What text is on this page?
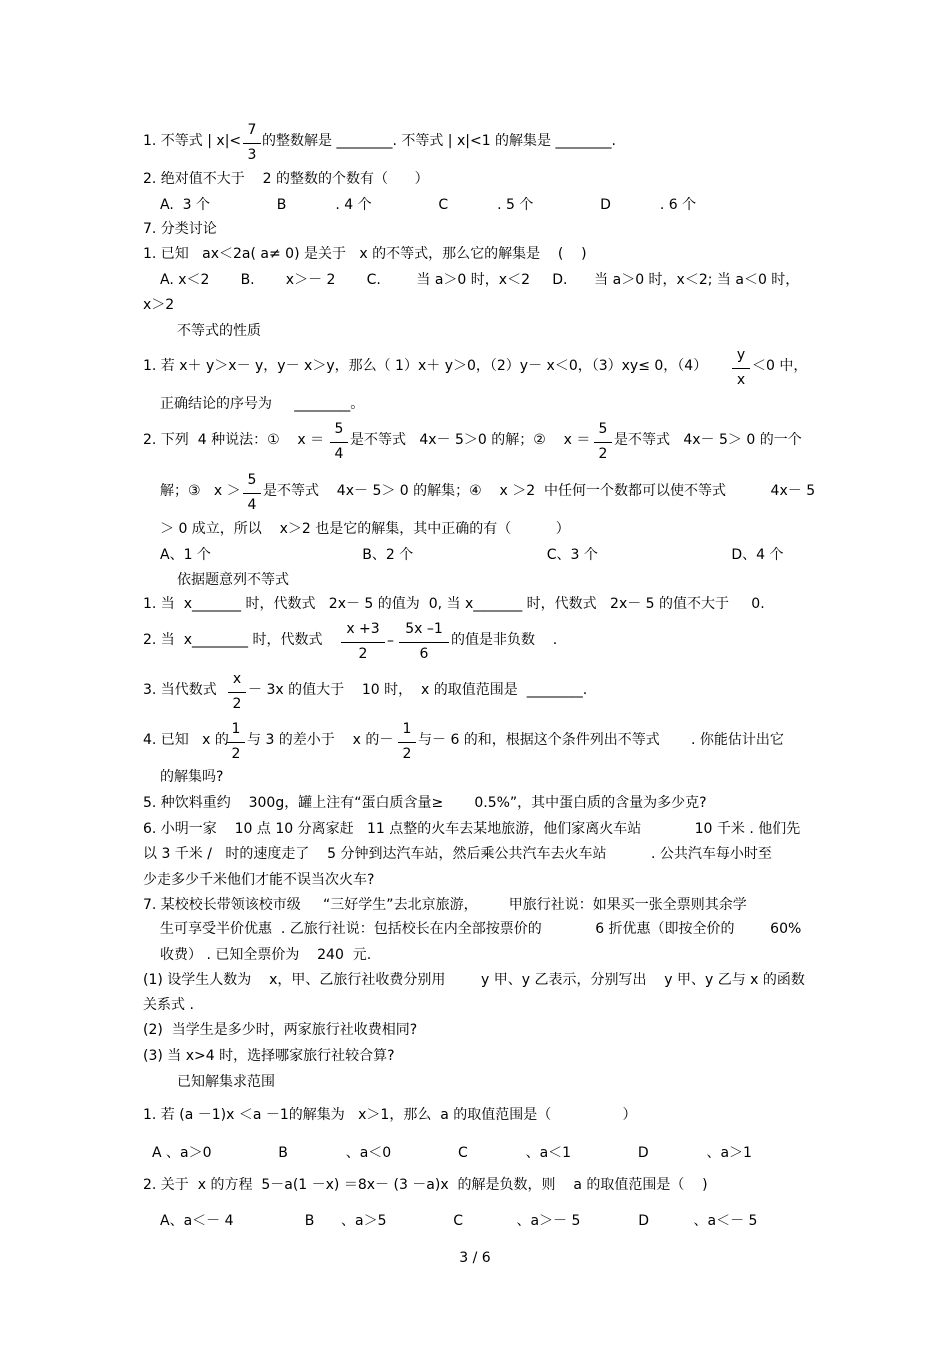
1. 不等式 | x|<
7
3
的整数解是 ________. 不等式 | x|<1 的解集是 ________.
2. 绝对值不大于    2 的整数的个数有（      ）
A.  3 个               B           . 4 个               C           . 5 个               D           . 6 个
7. 分类讨论
1. 已知   ax＜2a( a≠ 0) 是关于   x 的不等式，那么它的解集是    (    )
A. x＜2       B.       x＞－ 2       C.        当 a＞0 时，x＜2     D.      当 a＞0 时，x＜2; 当 a＜0 时，
x＞2
不等式的性质
1. 若 x＋ y＞x－ y，y－ x＞y，那么（ 1）x＋ y＞0，（2）y－ x＜0，（3）xy≤ 0，（4）
y
x
＜0 中，
正确结论的序号为     ________。
2. 下列  4 种说法：①    x ＝
5
4
是不等式   4x－ 5＞0 的解；②    x ＝
5
2
是不等式   4x－ 5＞ 0 的一个
解；③   x ＞
5
4
是不等式    4x－ 5＞ 0 的解集；④    x ＞2  中任何一个数都可以使不等式          4x－ 5
＞ 0 成立，所以    x＞2 也是它的解集，其中正确的有（          ）
A、1 个                                  B、2 个                              C、3 个                              D、4 个
依据题意列不等式
1. 当  x_______ 时，代数式   2x－ 5 的值为  0, 当 x_______ 时，代数式   2x－ 5 的值不大于     0.
2. 当  x________ 时，代数式
x +3
2
–
5x –1
6
的值是非负数    .
3. 当代数式
x
2
－ 3x 的值大于    10 时，  x 的取值范围是  ________.
4. 已知   x 的
1
2
与 3 的差小于    x 的－
1
2
与－ 6 的和，根据这个条件列出不等式       . 你能估计出它
的解集吗?
5. 种饮料重约    300g，罐上注有“蛋白质含量≥       0.5%”，其中蛋白质的含量为多少克?
6. 小明一家    10 点 10 分离家赶   11 点整的火车去某地旅游，他们家离火车站            10 千米 . 他们先
以 3 千米 /   时的速度走了    5 分钟到达汽车站，然后乘公共汽车去火车站          . 公共汽车每小时至
少走多少千米他们才能不误当次火车?
7. 某校校长带领该校市级     “三好学生”去北京旅游，       甲旅行社说：如果买一张全票则其余学
生可享受半价优惠  . 乙旅行社说：包括校长在内全部按票价的            6 折优惠（即按全价的        60%
收费） . 已知全票价为    240  元.
(1) 设学生人数为    x，甲、乙旅行社收费分别用        y 甲、y 乙表示，分别写出    y 甲、y 乙与 x 的函数
关系式 .
(2)  当学生是多少时，两家旅行社收费相同?
(3) 当 x>4 时，选择哪家旅行社较合算?
已知解集求范围
1. 若 (a －1)x ＜a －1的解集为   x＞1，那么  a 的取值范围是（                ）
A 、a＞0               B             、a＜0               C             、a＜1               D             、a＞1
2. 关于  x 的方程  5－a(1 －x) ＝8x－ (3 －a)x  的解是负数，则    a 的取值范围是（    )
A、a＜－ 4                B      、a＞5               C            、a＞－ 5             D          、a＜－ 5
3 / 6
